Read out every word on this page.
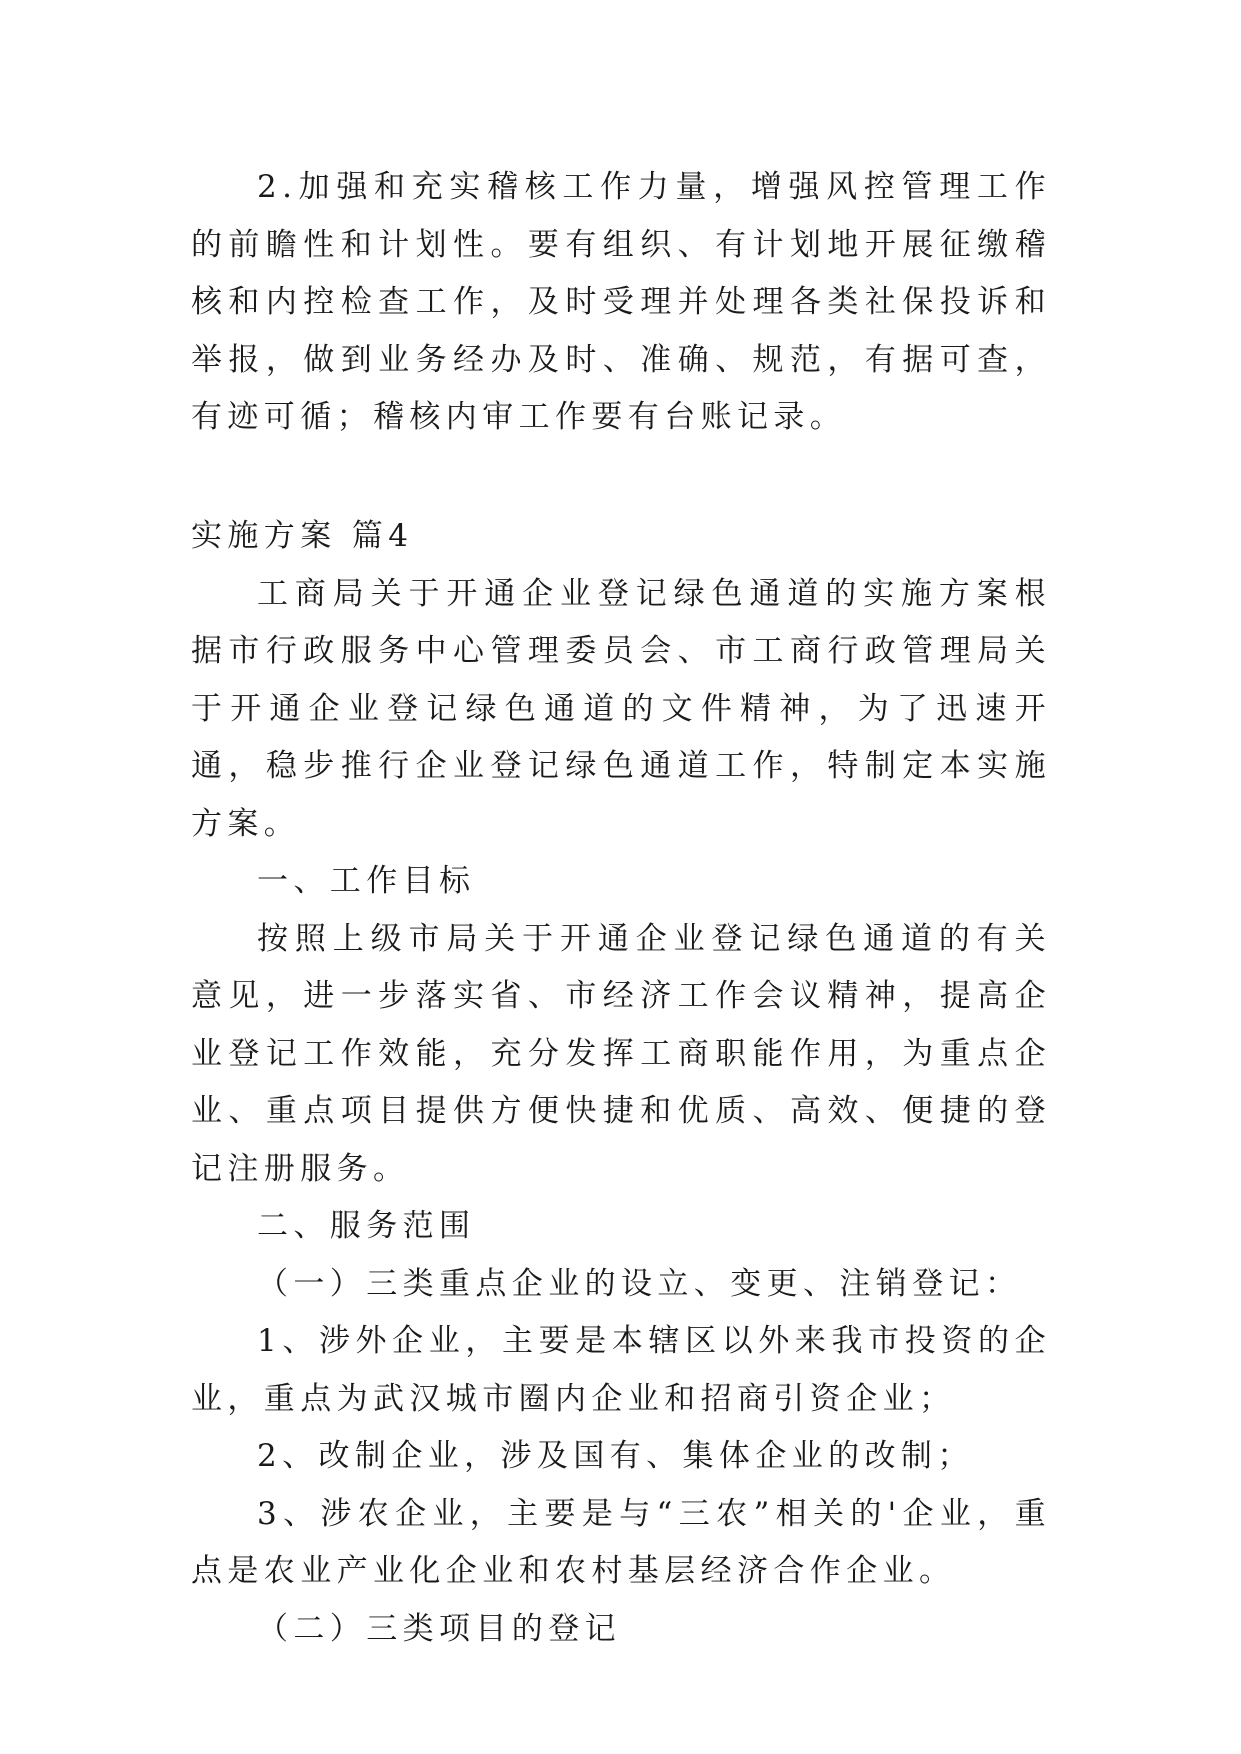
2.加强和充实稽核工作力量，增强风控管理工作的前瞻性和计划性。要有组织、有计划地开展征缴稽核和内控检查工作，及时受理并处理各类社保投诉和举报，做到业务经办及时、准确、规范，有据可查，有迹可循；稽核内审工作要有台账记录。

实施方案 篇4

工商局关于开通企业登记绿色通道的实施方案根据市行政服务中心管理委员会、市工商行政管理局关于开通企业登记绿色通道的文件精神，为了迅速开通，稳步推行企业登记绿色通道工作，特制定本实施方案。

一、工作目标

按照上级市局关于开通企业登记绿色通道的有关意见，进一步落实省、市经济工作会议精神，提高企业登记工作效能，充分发挥工商职能作用，为重点企业、重点项目提供方便快捷和优质、高效、便捷的登记注册服务。

二、服务范围

（一）三类重点企业的设立、变更、注销登记：

1、涉外企业，主要是本辖区以外来我市投资的企业，重点为武汉城市圈内企业和招商引资企业；

2、改制企业，涉及国有、集体企业的改制；

3、涉农企业，主要是与“三农”相关的'企业，重点是农业产业化企业和农村基层经济合作企业。

（二）三类项目的登记
